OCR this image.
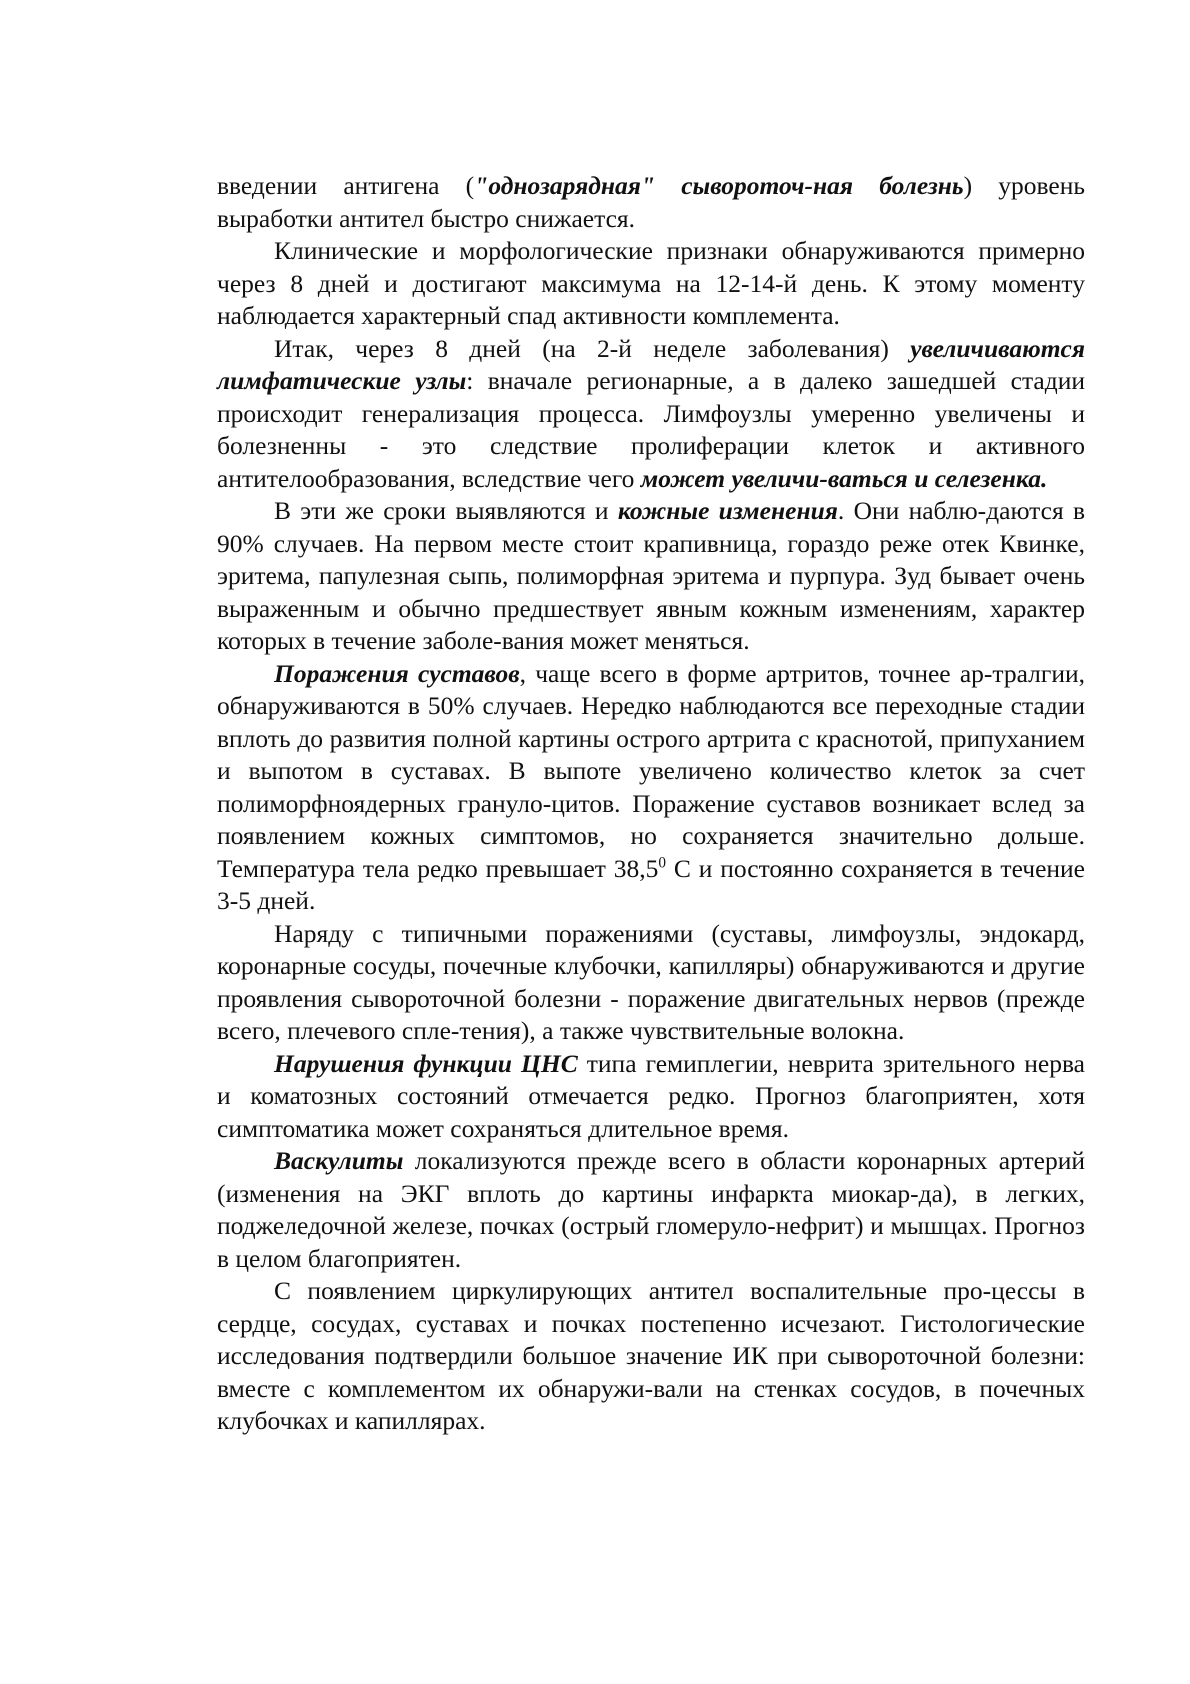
введении антигена ("однозарядная" сывороточ-ная болезнь) уровень выработки антител быстро снижается.

Клинические и морфологические признаки обнаруживаются примерно через 8 дней и достигают максимума на 12-14-й день. К этому моменту наблюдается характерный спад активности комплемента.

Итак, через 8 дней (на 2-й неделе заболевания) увеличиваются лимфатические узлы: вначале регионарные, а в далеко зашедшей стадии происходит генерализация процесса. Лимфоузлы умеренно увеличены и болезненны - это следствие пролиферации клеток и активного антителообразования, вследствие чего может увеличи-ваться и селезенка.

В эти же сроки выявляются и кожные изменения. Они наблю-даются в 90% случаев. На первом месте стоит крапивница, гораздо реже отек Квинке, эритема, папулезная сыпь, полиморфная эритема и пурпура. Зуд бывает очень выраженным и обычно предшествует явным кожным изменениям, характер которых в течение заболе-вания может меняться.

Поражения суставов, чаще всего в форме артритов, точнее ар-тралгии, обнаруживаются в 50% случаев. Нередко наблюдаются все переходные стадии вплоть до развития полной картины острого артрита с краснотой, припуханием и выпотом в суставах. В выпоте увеличено количество клеток за счет полиморфноядерных грануло-цитов. Поражение суставов возникает вслед за появлением кожных симптомов, но сохраняется значительно дольше. Температура тела редко превышает 38,5$^0$ С и постоянно сохраняется в течение 3-5 дней.

Наряду с типичными поражениями (суставы, лимфоузлы, эндокард, коронарные сосуды, почечные клубочки, капилляры) обнаруживаются и другие проявления сывороточной болезни - поражение двигательных нервов (прежде всего, плечевого спле-тения), а также чувствительные волокна.

Нарушения функции ЦНС типа гемиплегии, неврита зрительного нерва и коматозных состояний отмечается редко. Прогноз благоприятен, хотя симптоматика может сохраняться длительное время.

Васкулиты локализуются прежде всего в области коронарных артерий (изменения на ЭКГ вплоть до картины инфаркта миокар-да), в легких, поджеледочной железе, почках (острый гломеруло-нефрит) и мышцах. Прогноз в целом благоприятен.

С появлением циркулирующих антител воспалительные про-цессы в сердце, сосудах, суставах и почках постепенно исчезают. Гистологические исследования подтвердили большое значение ИК при сывороточной болезни: вместе с комплементом их обнаружи-вали на стенках сосудов, в почечных клубочках и капиллярах.
